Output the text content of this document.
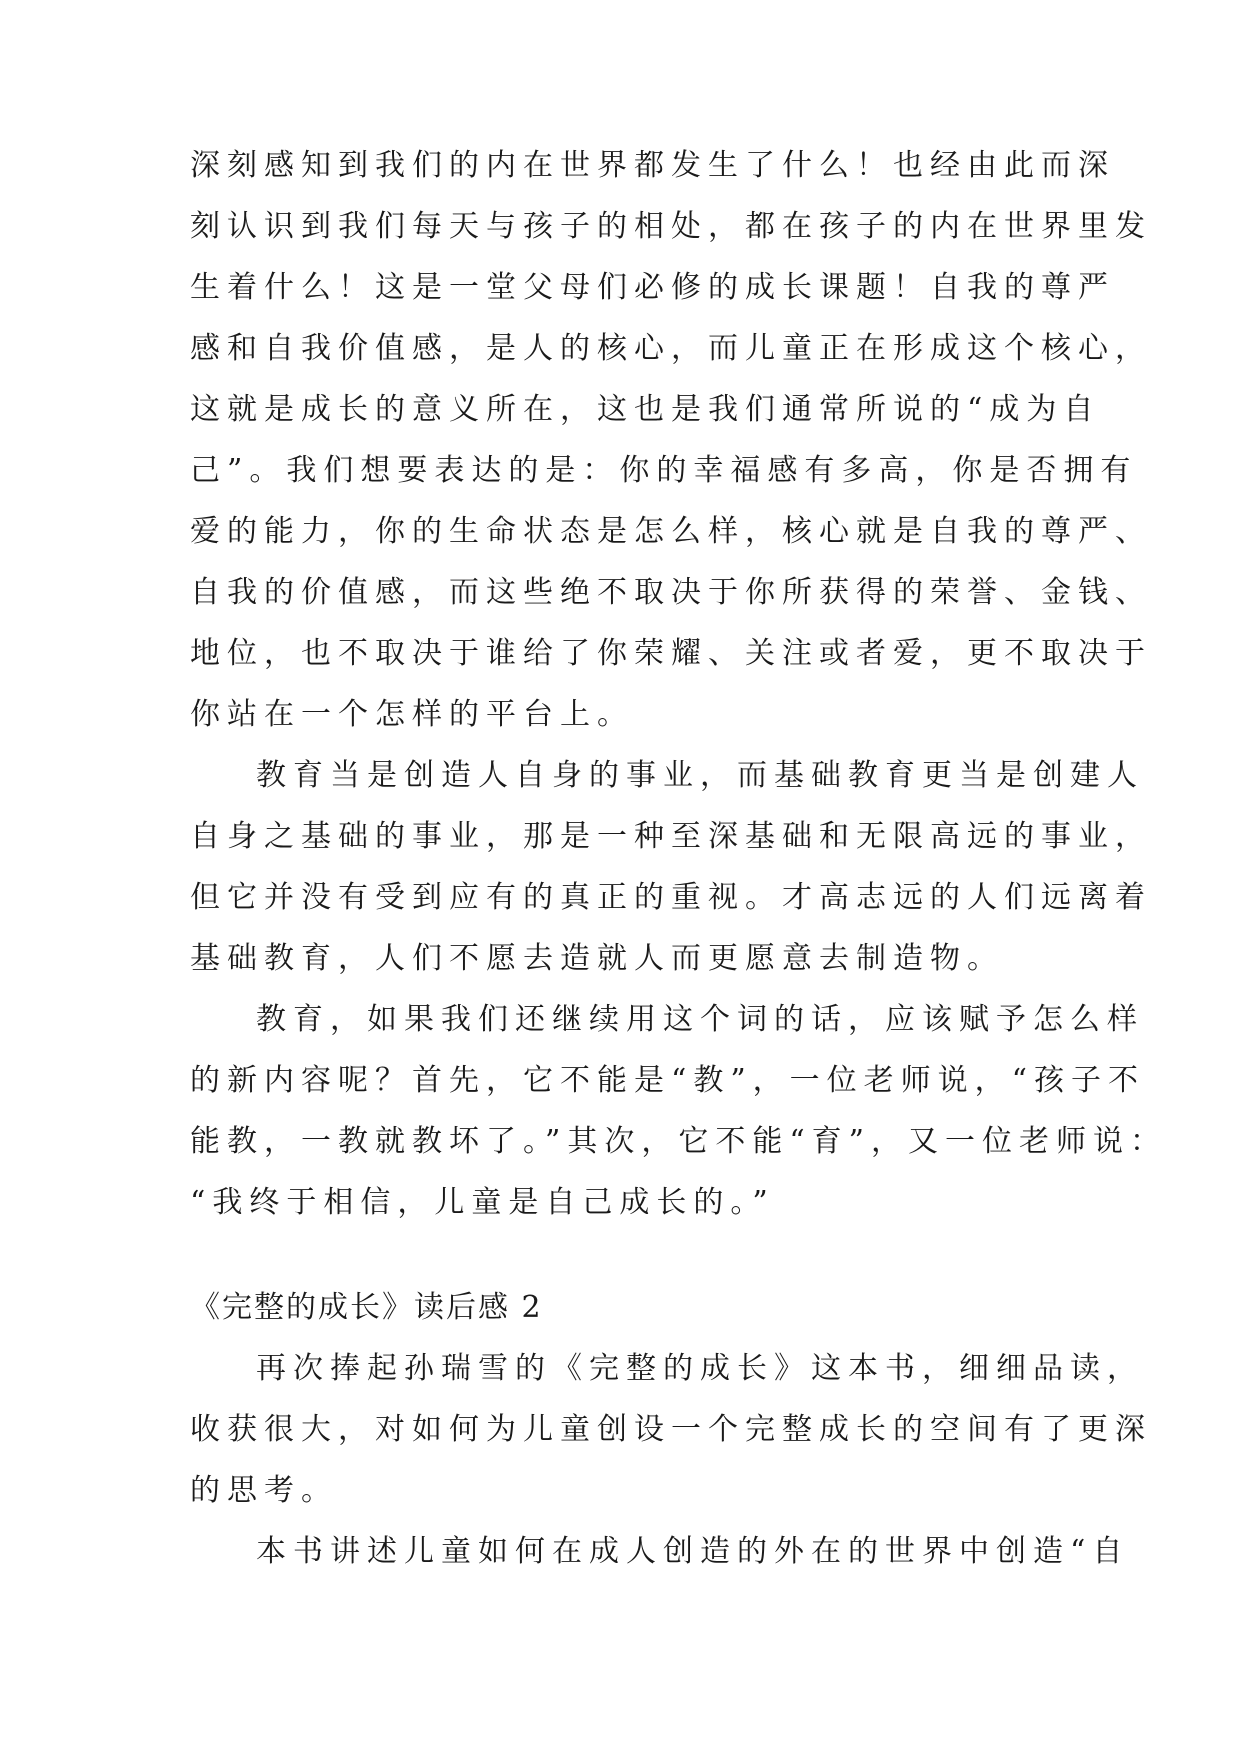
深刻感知到我们的内在世界都发生了什么！也经由此而深
刻认识到我们每天与孩子的相处，都在孩子的内在世界里发
生着什么！这是一堂父母们必修的成长课题！自我的尊严
感和自我价值感，是人的核心，而儿童正在形成这个核心，
这就是成长的意义所在，这也是我们通常所说的“成为自
己”。我们想要表达的是：你的幸福感有多高，你是否拥有
爱的能力，你的生命状态是怎么样，核心就是自我的尊严、
自我的价值感，而这些绝不取决于你所获得的荣誉、金钱、
地位，也不取决于谁给了你荣耀、关注或者爱，更不取决于
你站在一个怎样的平台上。
教育当是创造人自身的事业，而基础教育更当是创建人
自身之基础的事业，那是一种至深基础和无限高远的事业，
但它并没有受到应有的真正的重视。才高志远的人们远离着
基础教育，人们不愿去造就人而更愿意去制造物。
教育，如果我们还继续用这个词的话，应该赋予怎么样
的新内容呢？首先，它不能是“教”，一位老师说，“孩子不
能教，一教就教坏了。”其次，它不能“育”，又一位老师说：
“我终于相信，儿童是自己成长的。”
《完整的成长》读后感 2
再次捧起孙瑞雪的《完整的成长》这本书，细细品读，
收获很大，对如何为儿童创设一个完整成长的空间有了更深
的思考。
本书讲述儿童如何在成人创造的外在的世界中创造“自
